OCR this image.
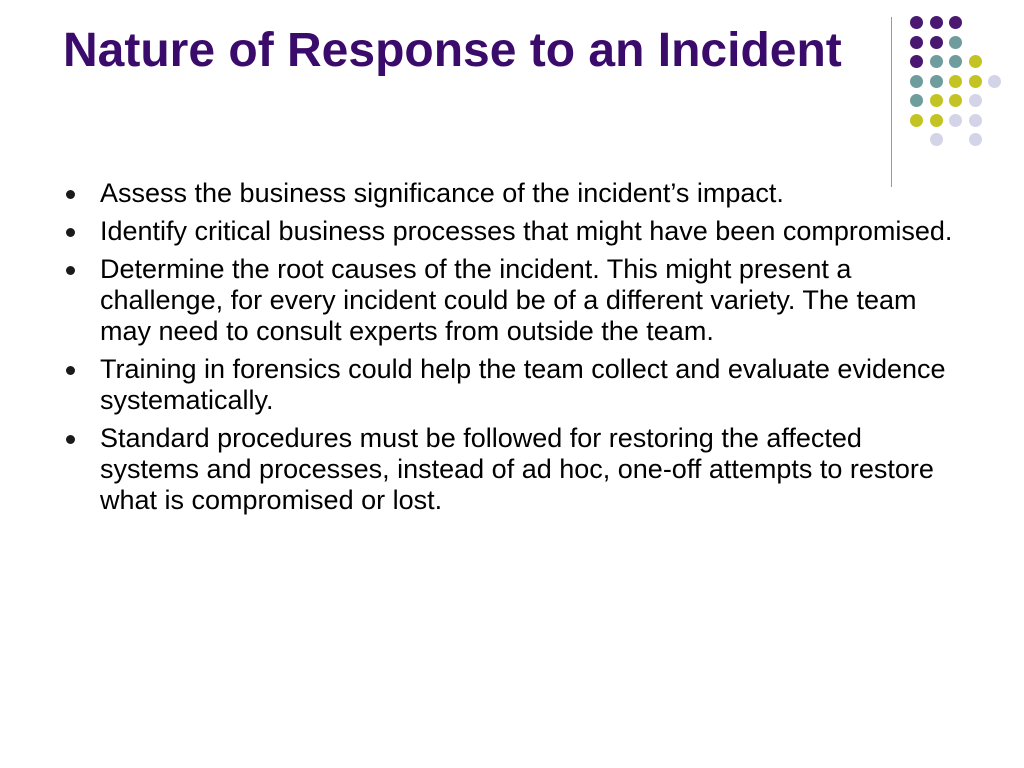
Nature of Response to an Incident
Assess the business significance of the incident’s impact.
Identify critical business processes that might have been compromised.
Determine the root causes of the incident. This might present a challenge, for every incident could be of a different variety. The team may need to consult experts from outside the team.
Training in forensics could help the team collect and evaluate evidence systematically.
Standard procedures must be followed for restoring the affected systems and processes, instead of ad hoc, one-off attempts to restore what is compromised or lost.
